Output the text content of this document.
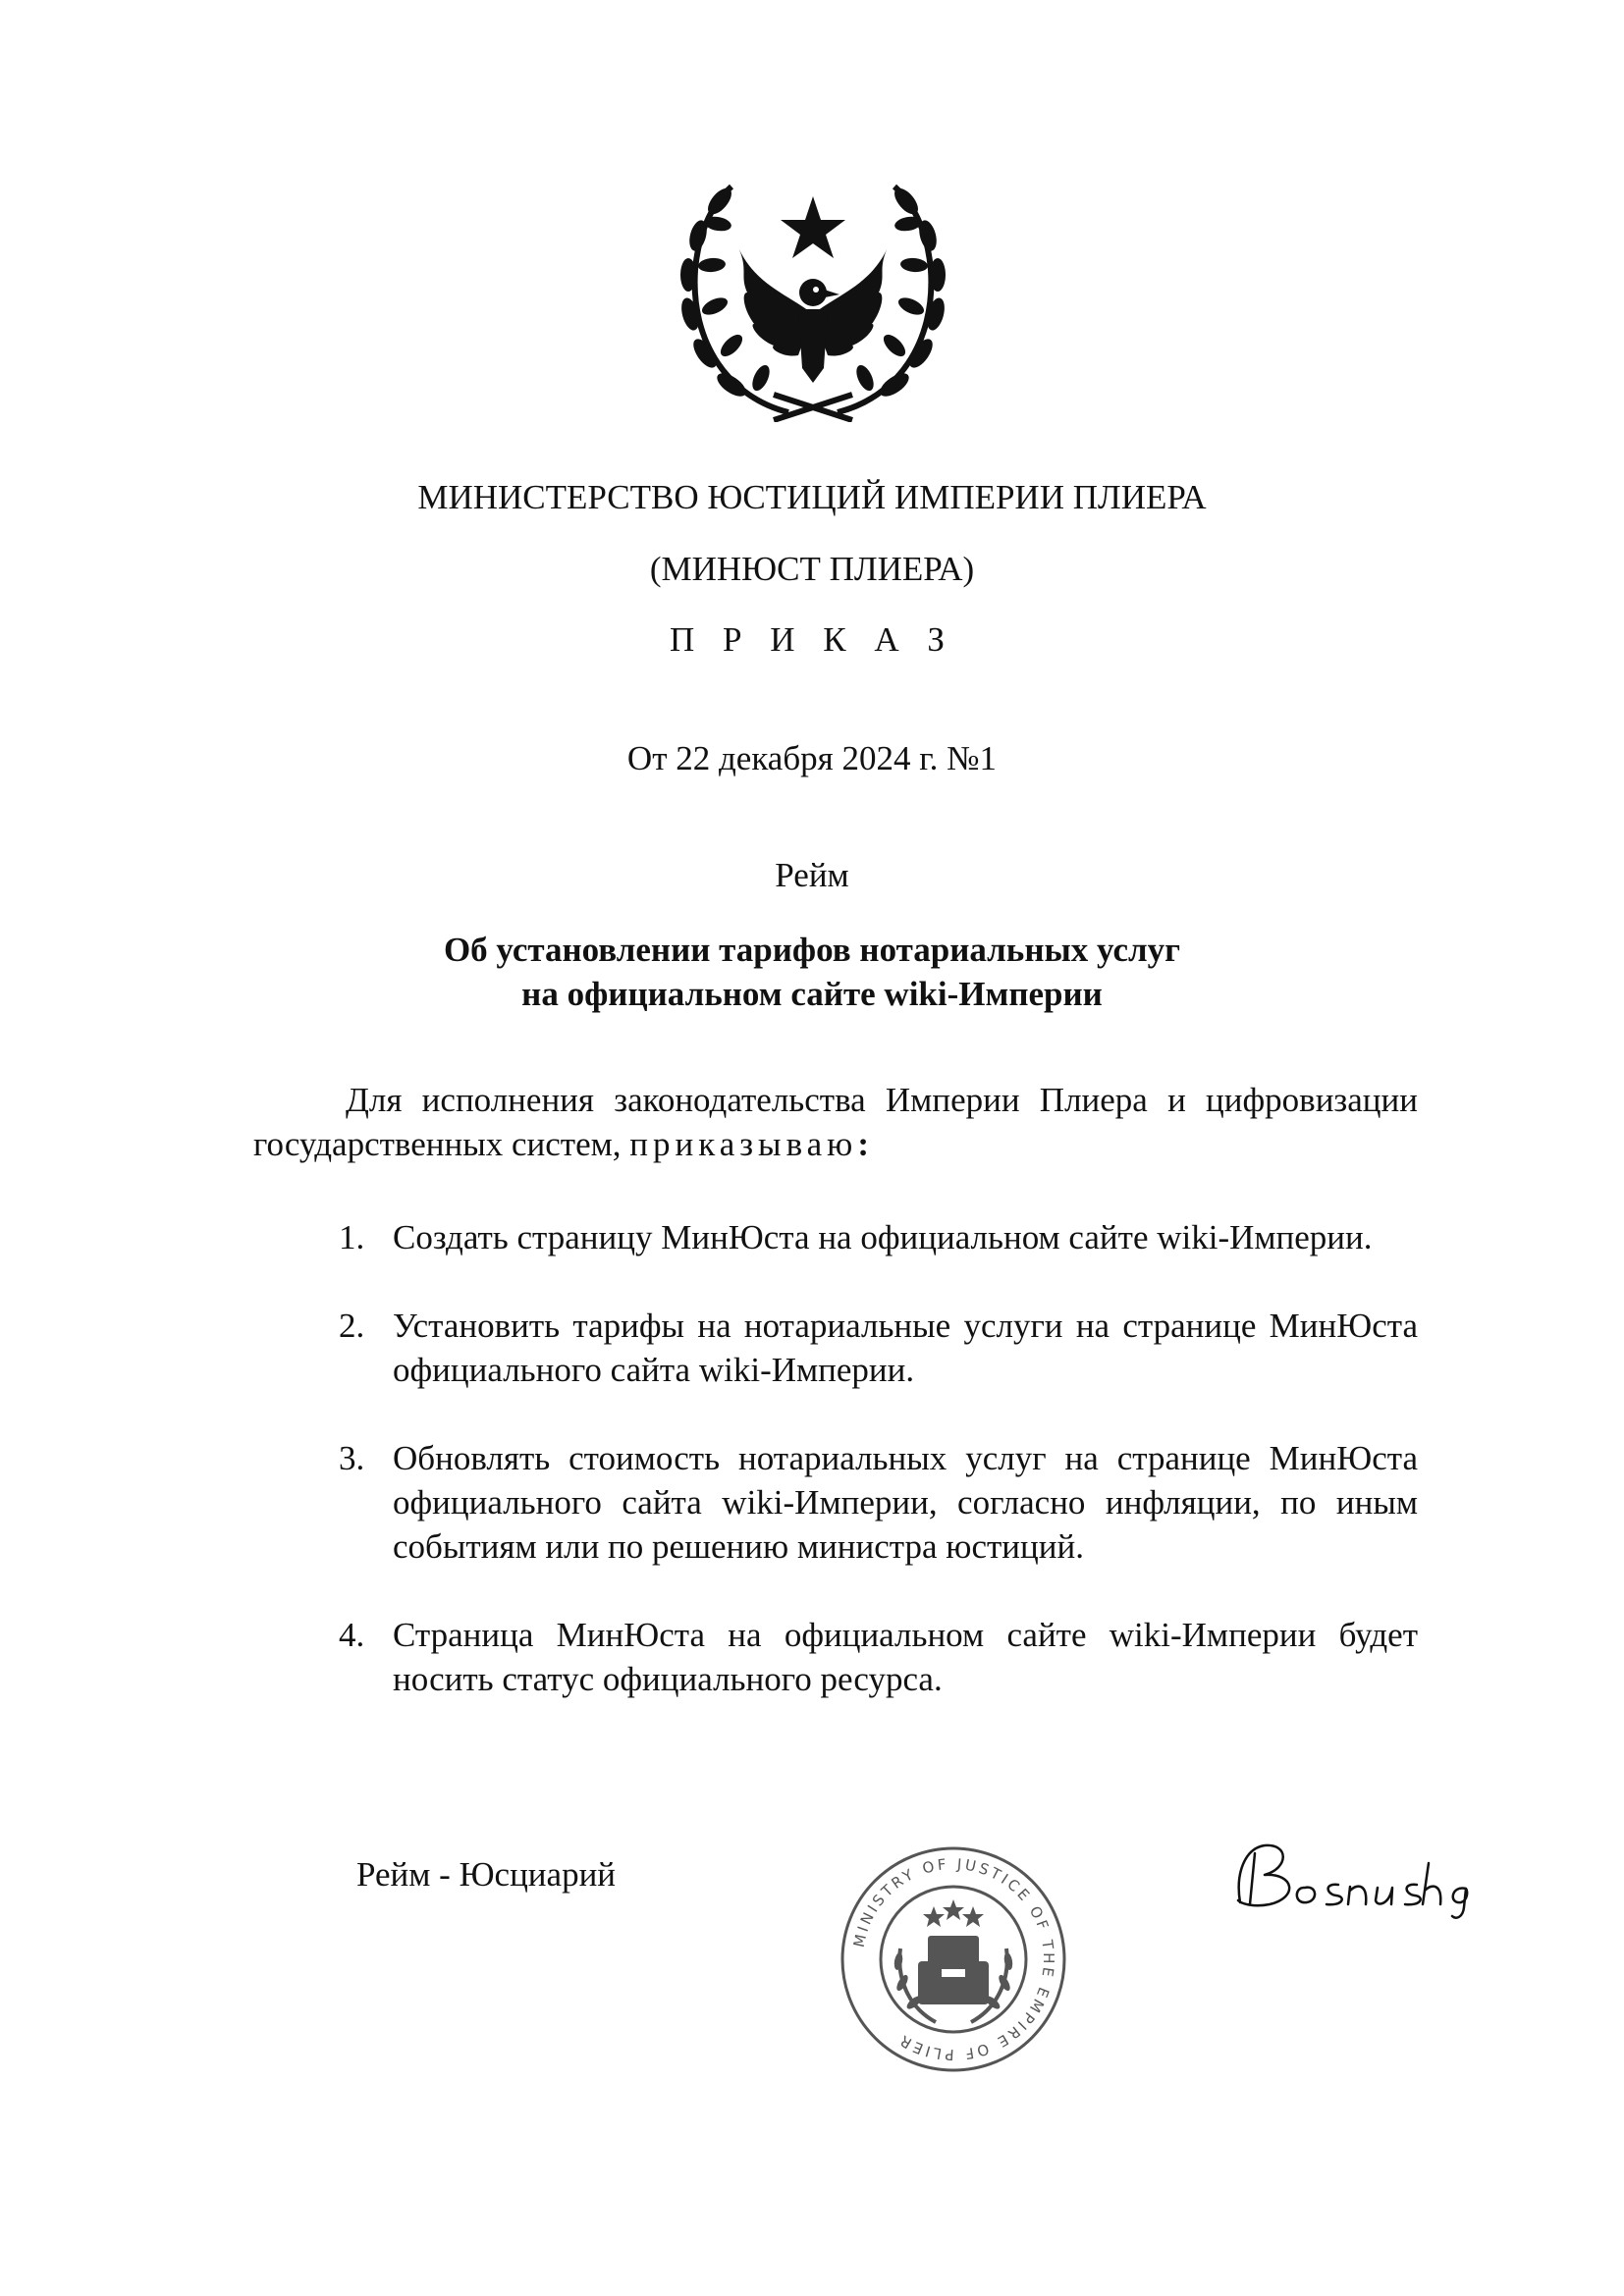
МИНИСТЕРСТВО ЮСТИЦИЙ ИМПЕРИИ ПЛИЕРА
(МИНЮСТ ПЛИЕРА)
П Р И К А З
От 22 декабря 2024 г. №1
Рейм
Об установлении тарифов нотариальных услуг
на официальном сайте wiki-Империи
Для исполнения законодательства Империи Плиера и цифровизации государственных систем, приказываю:
1. Создать страницу МинЮста на официальном сайте wiki-Империи.
2. Установить тарифы на нотариальные услуги на странице МинЮста официального сайта wiki-Империи.
3. Обновлять стоимость нотариальных услуг на странице МинЮста официального сайта wiki-Империи, согласно инфляции, по иным событиям или по решению министра юстиций.
4. Страница МинЮста на официальном сайте wiki-Империи будет носить статус официального ресурса.
Рейм - Юсциарий
MINISTRY OF JUSTICE OF THE EMPIRE OF PLIER
